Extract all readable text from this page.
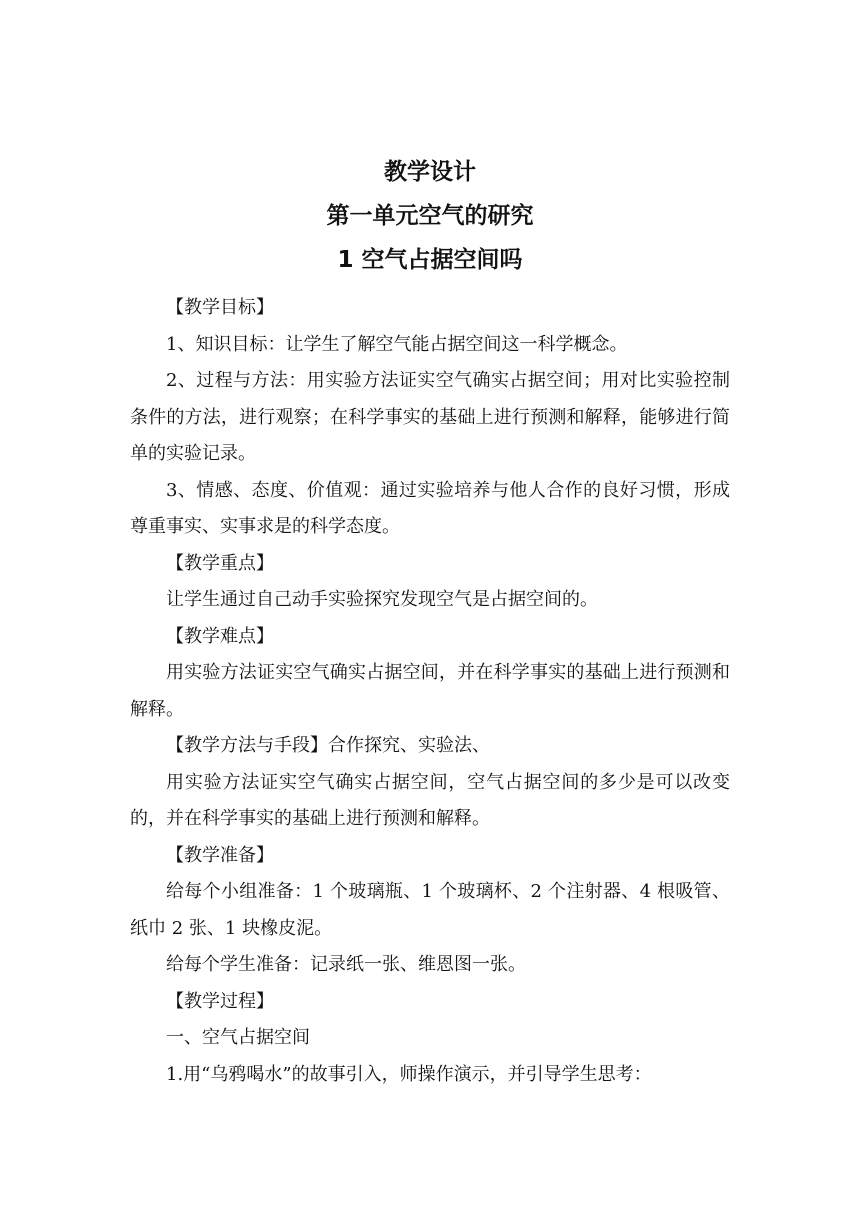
教学设计
第一单元空气的研究
1 空气占据空间吗

【教学目标】

1、知识目标：让学生了解空气能占据空间这一科学概念。

2、过程与方法：用实验方法证实空气确实占据空间；用对比实验控制条件的方法，进行观察；在科学事实的基础上进行预测和解释，能够进行简单的实验记录。

3、情感、态度、价值观：通过实验培养与他人合作的良好习惯，形成尊重事实、实事求是的科学态度。

【教学重点】

让学生通过自己动手实验探究发现空气是占据空间的。

【教学难点】

用实验方法证实空气确实占据空间，并在科学事实的基础上进行预测和解释。

【教学方法与手段】合作探究、实验法、

用实验方法证实空气确实占据空间，空气占据空间的多少是可以改变的，并在科学事实的基础上进行预测和解释。

【教学准备】

给每个小组准备：1 个玻璃瓶、1 个玻璃杯、2 个注射器、4 根吸管、纸巾 2 张、1 块橡皮泥。

给每个学生准备：记录纸一张、维恩图一张。

【教学过程】

一、空气占据空间

1.用“乌鸦喝水”的故事引入，师操作演示，并引导学生思考：
